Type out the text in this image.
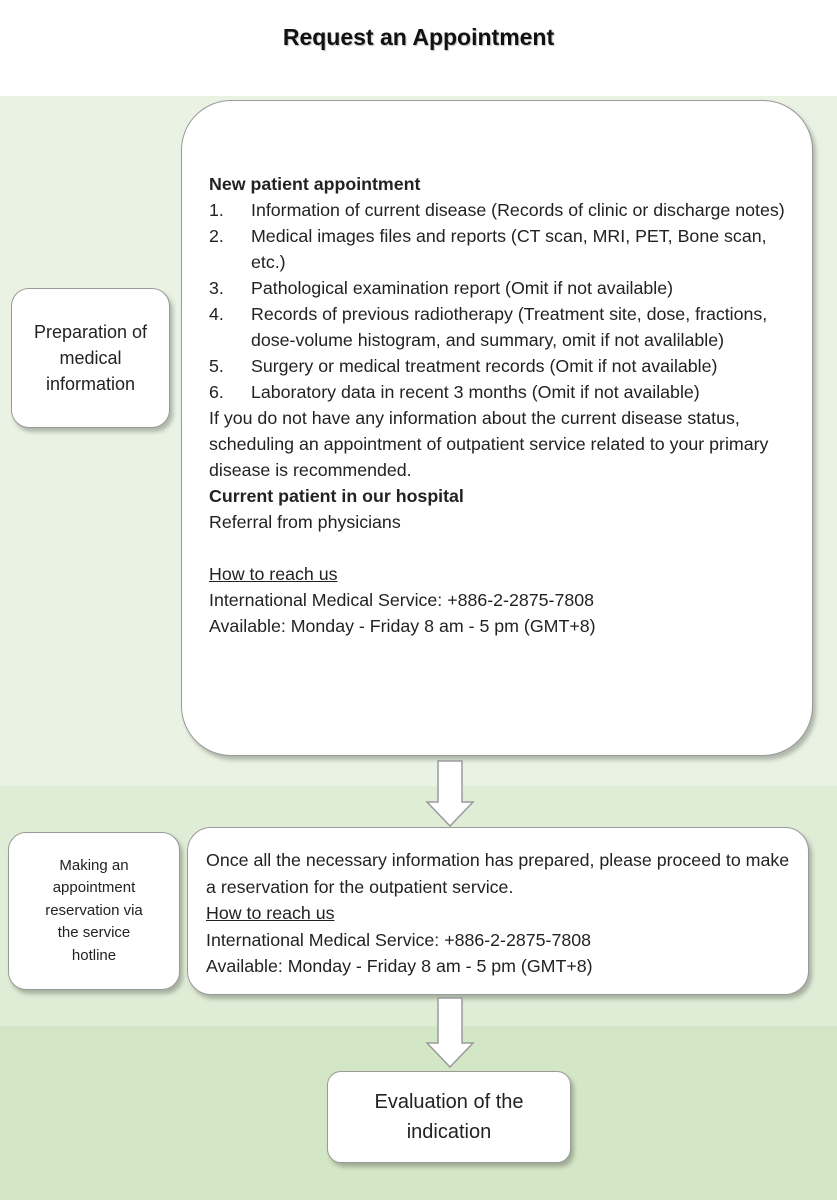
Request an Appointment
Preparation of medical information
New patient appointment
1.	Information of current disease (Records of clinic or discharge notes)
2.	Medical images files and reports (CT scan, MRI, PET, Bone scan, etc.)
3.	Pathological examination report (Omit if not available)
4.	Records of previous radiotherapy (Treatment site, dose, fractions, dose-volume histogram, and summary, omit if not avalilable)
5.	Surgery or medical treatment records (Omit if not available)
6.	Laboratory data in recent 3 months (Omit if not available)
If you do not have any information about the current disease status, scheduling an appointment of outpatient service related to your primary disease is recommended.
Current patient in our hospital
Referral from physicians
How to reach us
International Medical Service: +886-2-2875-7808
Available: Monday - Friday 8 am - 5 pm (GMT+8)
Making an appointment reservation via the service hotline
Once all the necessary information has prepared, please proceed to make a reservation for the outpatient service.
How to reach us
International Medical Service: +886-2-2875-7808
Available: Monday - Friday 8 am - 5 pm (GMT+8)
Evaluation of the indication
